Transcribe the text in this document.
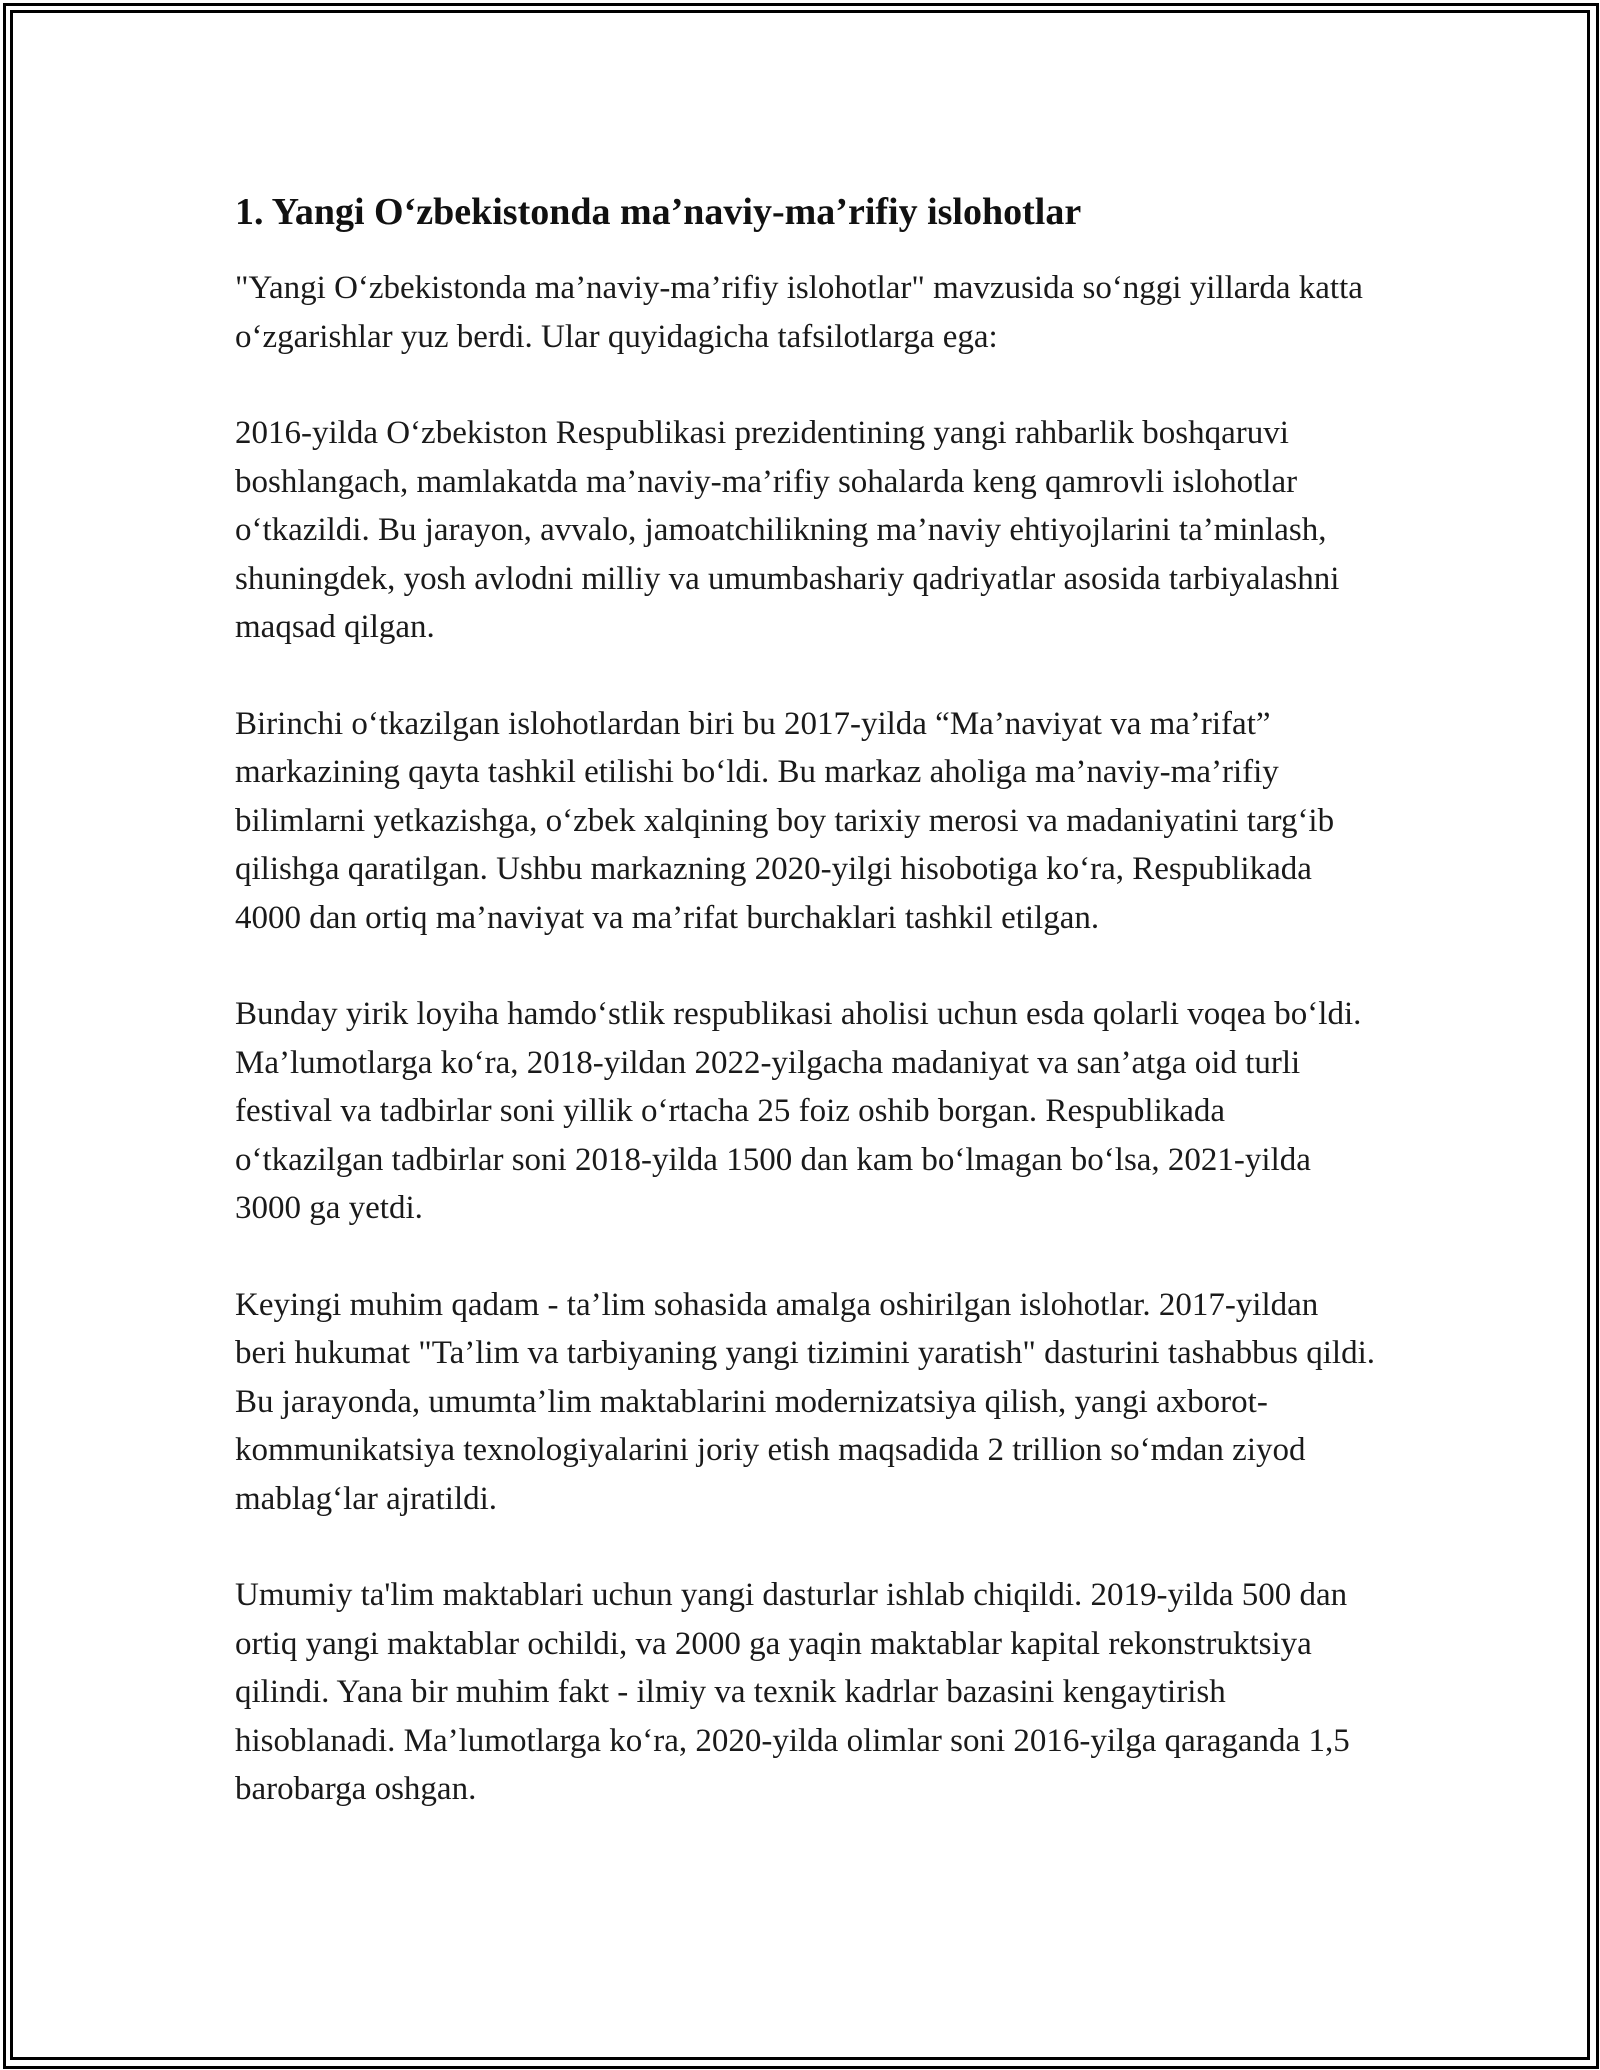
1. Yangi O‘zbekistonda ma’naviy-ma’rifiy islohotlar

"Yangi O‘zbekistonda ma’naviy-ma’rifiy islohotlar" mavzusida so‘nggi yillarda katta o‘zgarishlar yuz berdi. Ular quyidagicha tafsilotlarga ega:

2016-yilda O‘zbekiston Respublikasi prezidentining yangi rahbarlik boshqaruvi boshlangach, mamlakatda ma’naviy-ma’rifiy sohalarda keng qamrovli islohotlar o‘tkazildi. Bu jarayon, avvalo, jamoatchilikning ma’naviy ehtiyojlarini ta’minlash, shuningdek, yosh avlodni milliy va umumbashariy qadriyatlar asosida tarbiyalashni maqsad qilgan.

Birinchi o‘tkazilgan islohotlardan biri bu 2017-yilda “Ma’naviyat va ma’rifat” markazining qayta tashkil etilishi bo‘ldi. Bu markaz aholiga ma’naviy-ma’rifiy bilimlarni yetkazishga, o‘zbek xalqining boy tarixiy merosi va madaniyatini targ‘ib qilishga qaratilgan. Ushbu markazning 2020-yilgi hisobotiga ko‘ra, Respublikada 4000 dan ortiq ma’naviyat va ma’rifat burchaklari tashkil etilgan.

Bunday yirik loyiha hamdo‘stlik respublikasi aholisi uchun esda qolarli voqea bo‘ldi. Ma’lumotlarga ko‘ra, 2018-yildan 2022-yilgacha madaniyat va san’atga oid turli festival va tadbirlar soni yillik o‘rtacha 25 foiz oshib borgan. Respublikada o‘tkazilgan tadbirlar soni 2018-yilda 1500 dan kam bo‘lmagan bo‘lsa, 2021-yilda 3000 ga yetdi.

Keyingi muhim qadam - ta’lim sohasida amalga oshirilgan islohotlar. 2017-yildan beri hukumat "Ta’lim va tarbiyaning yangi tizimini yaratish" dasturini tashabbus qildi. Bu jarayonda, umumta’lim maktablarini modernizatsiya qilish, yangi axborot-kommunikatsiya texnologiyalarini joriy etish maqsadida 2 trillion so‘mdan ziyod mablag‘lar ajratildi.

Umumiy ta'lim maktablari uchun yangi dasturlar ishlab chiqildi. 2019-yilda 500 dan ortiq yangi maktablar ochildi, va 2000 ga yaqin maktablar kapital rekonstruktsiya qilindi. Yana bir muhim fakt - ilmiy va texnik kadrlar bazasini kengaytirish hisoblanadi. Ma’lumotlarga ko‘ra, 2020-yilda olimlar soni 2016-yilga qaraganda 1,5 barobarga oshgan.
